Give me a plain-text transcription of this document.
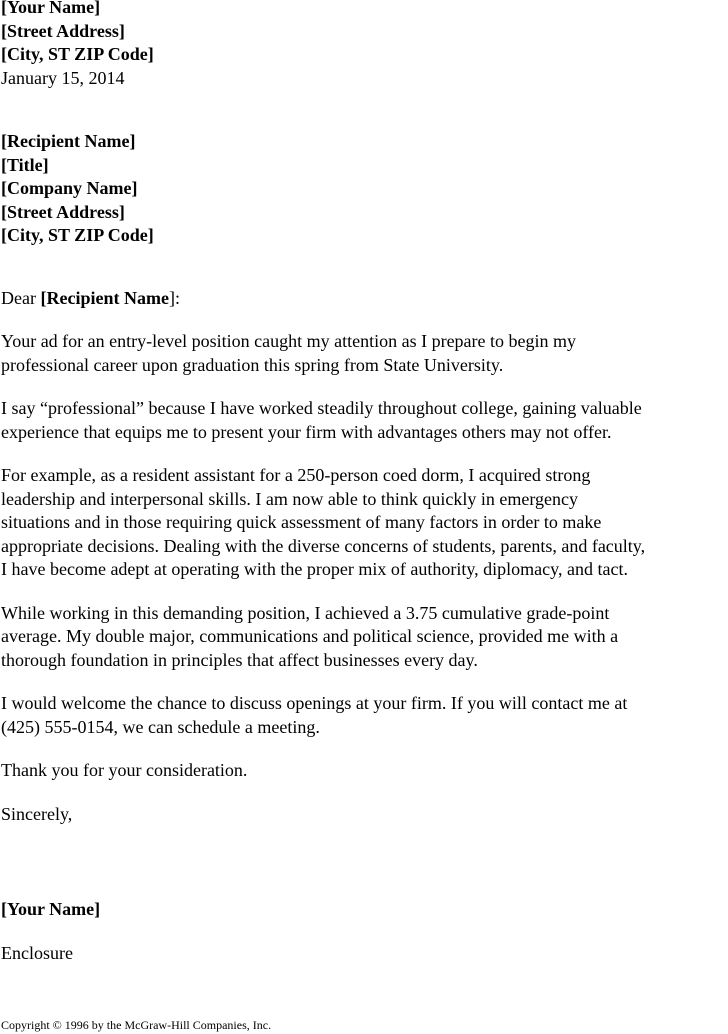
[Your Name]
[Street Address]
[City, ST ZIP Code]
January 15, 2014
[Recipient Name]
[Title]
[Company Name]
[Street Address]
[City, ST ZIP Code]
Dear [Recipient Name]:
Your ad for an entry-level position caught my attention as I prepare to begin my
professional career upon graduation this spring from State University.
I say “professional” because I have worked steadily throughout college, gaining valuable
experience that equips me to present your firm with advantages others may not offer.
For example, as a resident assistant for a 250-person coed dorm, I acquired strong
leadership and interpersonal skills. I am now able to think quickly in emergency
situations and in those requiring quick assessment of many factors in order to make
appropriate decisions. Dealing with the diverse concerns of students, parents, and faculty,
I have become adept at operating with the proper mix of authority, diplomacy, and tact.
While working in this demanding position, I achieved a 3.75 cumulative grade-point
average. My double major, communications and political science, provided me with a
thorough foundation in principles that affect businesses every day.
I would welcome the chance to discuss openings at your firm. If you will contact me at
(425) 555-0154, we can schedule a meeting.
Thank you for your consideration.
Sincerely,
[Your Name]
Enclosure
Copyright © 1996 by the McGraw-Hill Companies, Inc.
